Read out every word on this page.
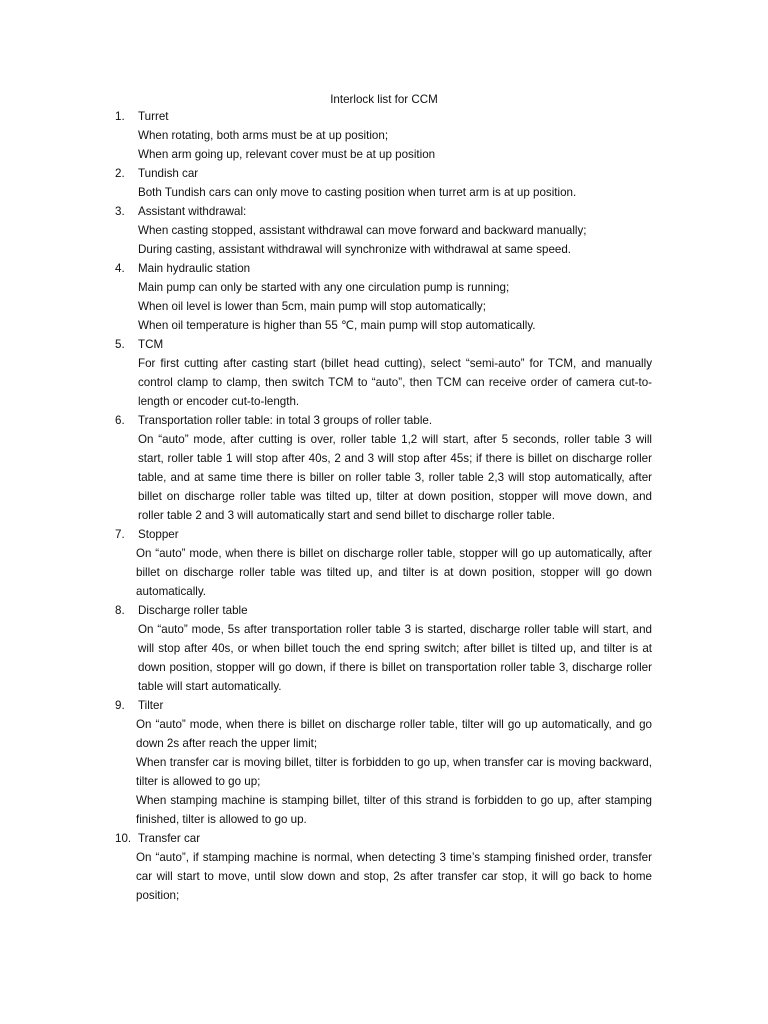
Interlock list for CCM
1.	Turret
When rotating, both arms must be at up position;
When arm going up, relevant cover must be at up position
2.	Tundish car
Both Tundish cars can only move to casting position when turret arm is at up position.
3.	Assistant withdrawal:
When casting stopped, assistant withdrawal can move forward and backward manually;
During casting, assistant withdrawal will synchronize with withdrawal at same speed.
4.	Main hydraulic station
Main pump can only be started with any one circulation pump is running;
When oil level is lower than 5cm, main pump will stop automatically;
When oil temperature is higher than 55 ℃, main pump will stop automatically.
5.	TCM
For first cutting after casting start (billet head cutting), select “semi-auto” for TCM, and manually control clamp to clamp, then switch TCM to “auto”, then TCM can receive order of camera cut-to-length or encoder cut-to-length.
6.	Transportation roller table: in total 3 groups of roller table.
On “auto” mode, after cutting is over, roller table 1,2 will start, after 5 seconds, roller table 3 will start, roller table 1 will stop after 40s, 2 and 3 will stop after 45s; if there is billet on discharge roller table, and at same time there is biller on roller table 3, roller table 2,3 will stop automatically, after billet on discharge roller table was tilted up, tilter at down position, stopper will move down, and roller table 2 and 3 will automatically start and send billet to discharge roller table.
7.	Stopper
On “auto” mode, when there is billet on discharge roller table, stopper will go up automatically, after billet on discharge roller table was tilted up, and tilter is at down position, stopper will go down automatically.
8.	Discharge roller table
On “auto” mode, 5s after transportation roller table 3 is started, discharge roller table will start, and will stop after 40s, or when billet touch the end spring switch; after billet is tilted up, and tilter is at down position, stopper will go down, if there is billet on transportation roller table 3, discharge roller table will start automatically.
9.	Tilter
On “auto” mode, when there is billet on discharge roller table, tilter will go up automatically, and go down 2s after reach the upper limit;
When transfer car is moving billet, tilter is forbidden to go up, when transfer car is moving backward, tilter is allowed to go up;
When stamping machine is stamping billet, tilter of this strand is forbidden to go up, after stamping finished, tilter is allowed to go up.
10. Transfer car
On “auto”, if stamping machine is normal, when detecting 3 time’s stamping finished order, transfer car will start to move, until slow down and stop, 2s after transfer car stop, it will go back to home position;
